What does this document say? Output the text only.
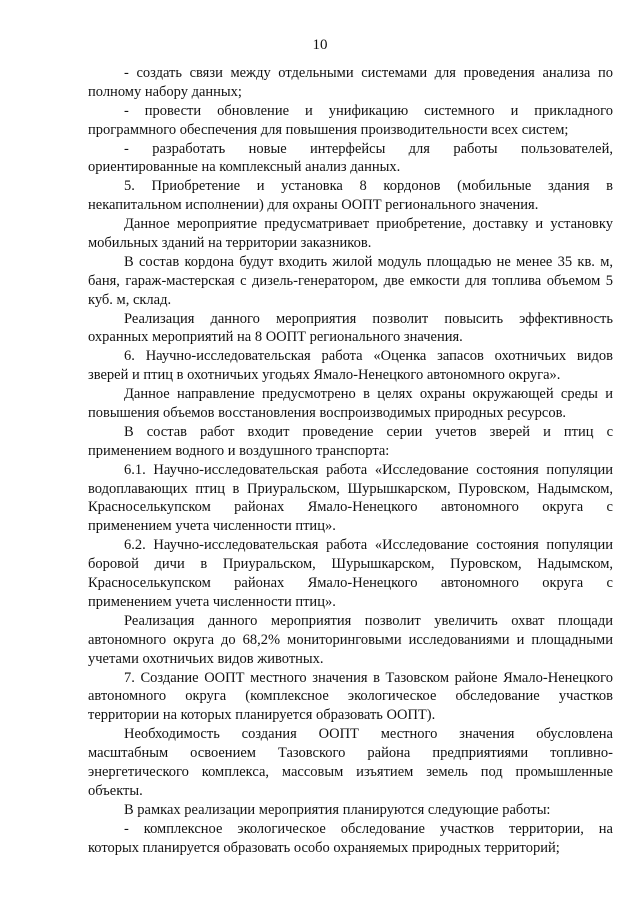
10
- создать связи между отдельными системами для проведения анализа по
полному набору данных;
- провести обновление и унификацию системного и прикладного
программного обеспечения для повышения производительности всех систем;
- разработать новые интерфейсы для работы пользователей,
ориентированные на комплексный анализ данных.
5. Приобретение и установка 8 кордонов (мобильные здания в
некапитальном исполнении) для охраны ООПТ регионального значения.
Данное мероприятие предусматривает приобретение, доставку и установку
мобильных зданий на территории заказников.
В состав кордона будут входить жилой модуль площадью не менее 35 кв. м,
баня, гараж-мастерская с дизель-генератором, две емкости для топлива объемом 5
куб. м, склад.
Реализация данного мероприятия позволит повысить эффективность
охранных мероприятий на 8 ООПТ регионального значения.
6. Научно-исследовательская работа «Оценка запасов охотничьих видов
зверей и птиц в охотничьих угодьях Ямало-Ненецкого автономного округа».
Данное направление предусмотрено в целях охраны окружающей среды и
повышения объемов восстановления воспроизводимых природных ресурсов.
В состав работ входит проведение серии учетов зверей и птиц с
применением водного и воздушного транспорта:
6.1. Научно-исследовательская работа «Исследование состояния популяции
водоплавающих птиц в Приуральском, Шурышкарском, Пуровском, Надымском,
Красноселькупском районах Ямало-Ненецкого автономного округа с
применением учета численности птиц».
6.2. Научно-исследовательская работа «Исследование состояния популяции
боровой дичи в Приуральском, Шурышкарском, Пуровском, Надымском,
Красноселькупском районах Ямало-Ненецкого автономного округа с
применением учета численности птиц».
Реализация данного мероприятия позволит увеличить охват площади
автономного округа до 68,2% мониторинговыми исследованиями и площадными
учетами охотничьих видов животных.
7. Создание ООПТ местного значения в Тазовском районе Ямало-Ненецкого
автономного округа (комплексное экологическое обследование участков
территории на которых планируется образовать ООПТ).
Необходимость создания ООПТ местного значения обусловлена
масштабным освоением Тазовского района предприятиями топливно-
энергетического комплекса, массовым изъятием земель под промышленные
объекты.
В рамках реализации мероприятия планируются следующие работы:
- комплексное экологическое обследование участков территории, на
которых планируется образовать особо охраняемых природных территорий;
